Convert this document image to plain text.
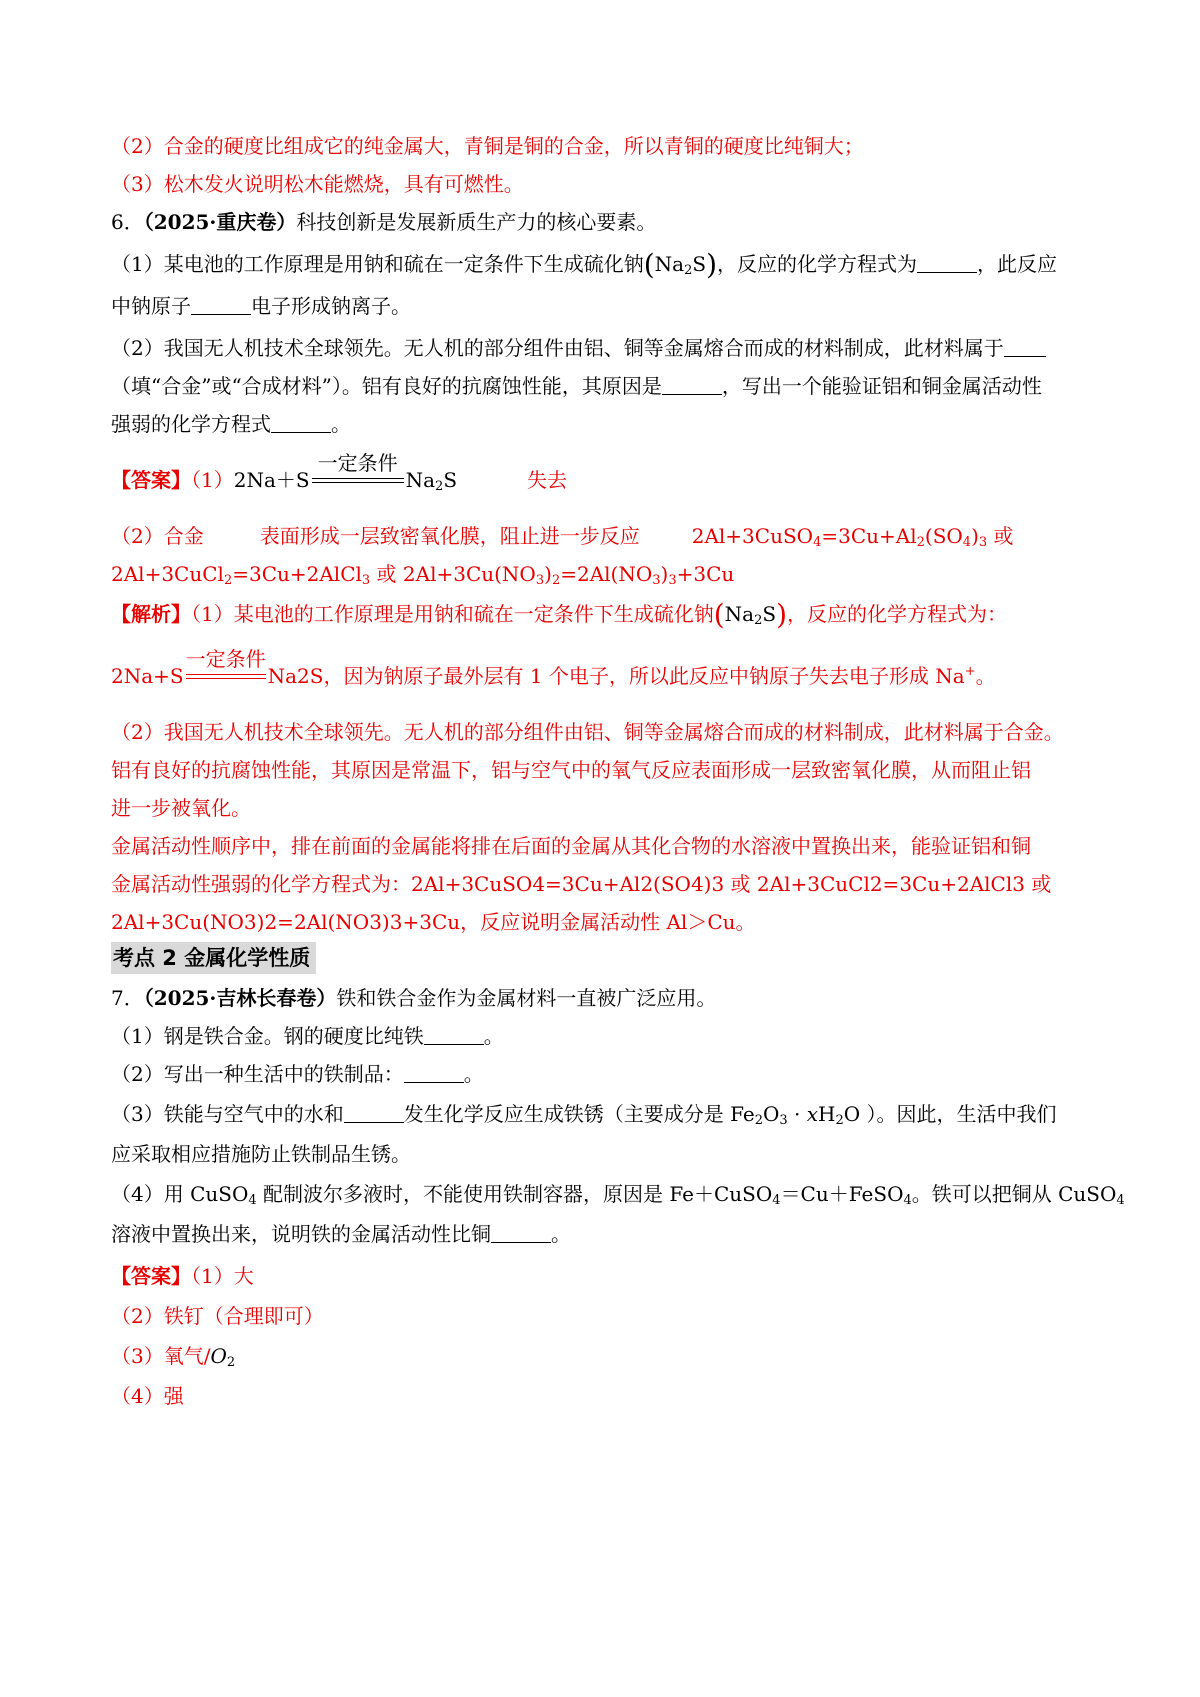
（2）合金的硬度比组成它的纯金属大，青铜是铜的合金，所以青铜的硬度比纯铜大；
（3）松木发火说明松木能燃烧，具有可燃性。
6．（2025·重庆卷）科技创新是发展新质生产力的核心要素。
（1）某电池的工作原理是用钠和硫在一定条件下生成硫化钠$(Na_2S)$，反应的化学方程式为	，此反应
中钠原子	电子形成钠离子。
（2）我国无人机技术全球领先。无人机的部分组件由铝、铜等金属熔合而成的材料制成，此材料属于
（填“合金”或“合成材料”）。铝有良好的抗腐蚀性能，其原因是	，写出一个能验证铝和铜金属活动性
强弱的化学方程式	。
【答案】（1）2Na＋S
一定条件
$Na_2S$	失去
（2）合金	表面形成一层致密氧化膜，阻止进一步反应	$2Al+3CuSO_4=3Cu+Al_2(SO_4)_3$ 或
2Al+3CuCl$_2$=3Cu+2AlCl$_3$ 或 $2Al+3Cu(NO_3)_2=2Al(NO_3)_3+3Cu$
【解析】（1）某电池的工作原理是用钠和硫在一定条件下生成硫化钠$(Na_2S)$，反应的化学方程式为：
2Na+S
一定条件
Na2S，因为钠原子最外层有 1 个电子，所以此反应中钠原子失去电子形成 Na+。
（2）我国无人机技术全球领先。无人机的部分组件由铝、铜等金属熔合而成的材料制成，此材料属于合金。
铝有良好的抗腐蚀性能，其原因是常温下，铝与空气中的氧气反应表面形成一层致密氧化膜，从而阻止铝
进一步被氧化。
金属活动性顺序中，排在前面的金属能将排在后面的金属从其化合物的水溶液中置换出来，能验证铝和铜
金属活动性强弱的化学方程式为：2Al+3CuSO4=3Cu+Al2(SO4)3 或 2Al+3CuCl2=3Cu+2AlCl3 或
2Al+3Cu(NO3)2=2Al(NO3)3+3Cu，反应说明金属活动性 Al＞Cu。
考点 2 金属化学性质
7．（2025·吉林长春卷）铁和铁合金作为金属材料一直被广泛应用。
（1）钢是铁合金。钢的硬度比纯铁	。
（2）写出一种生活中的铁制品：	。
（3）铁能与空气中的水和	发生化学反应生成铁锈（主要成分是 $Fe_2O_3 \cdot xH_2O$ ）。因此，生活中我们
应采取相应措施防止铁制品生锈。
（4）用 CuSO$_4$ 配制波尔多液时，不能使用铁制容器，原因是 Fe＋CuSO$_4$＝Cu＋FeSO$_4$。铁可以把铜从 CuSO$_4$
溶液中置换出来，说明铁的金属活动性比铜	。
【答案】（1）大
（2）铁钉（合理即可）
（3）氧气$/O_2$
（4）强
